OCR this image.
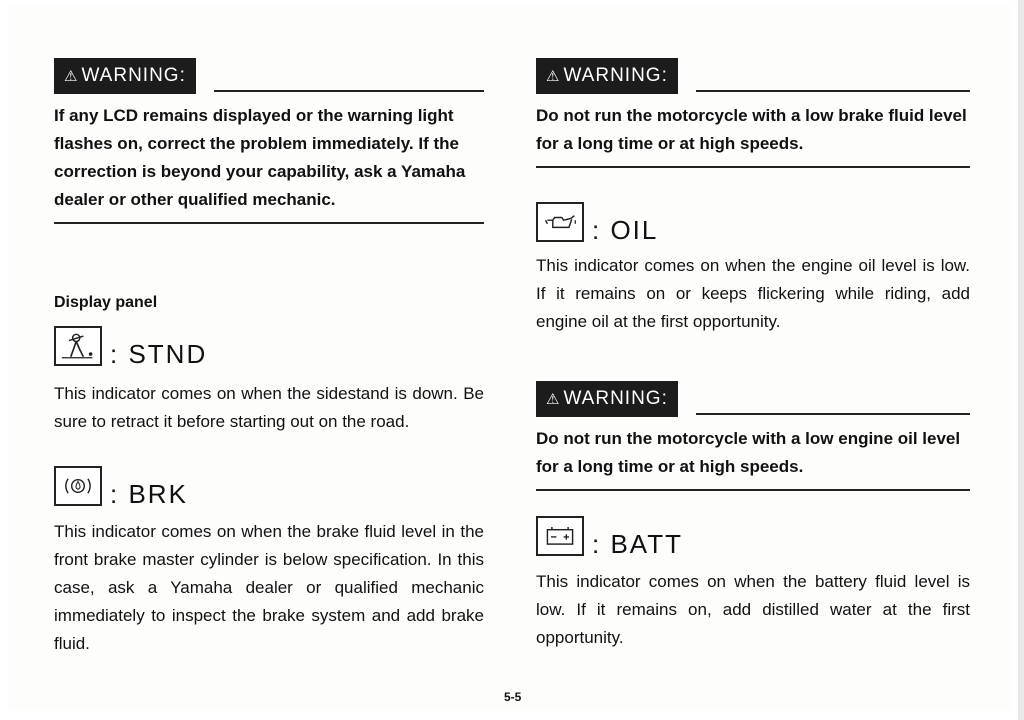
⚠ WARNING:
If any LCD remains displayed or the warning light flashes on, correct the problem immediately. If the correction is beyond your capability, ask a Yamaha dealer or other qualified mechanic.
Display panel
: STND
This indicator comes on when the sidestand is down. Be sure to retract it before starting out on the road.
: BRK
This indicator comes on when the brake fluid level in the front brake master cylinder is below specification. In this case, ask a Yamaha dealer or qualified mechanic immediately to inspect the brake system and add brake fluid.
⚠ WARNING:
Do not run the motorcycle with a low brake fluid level for a long time or at high speeds.
: OIL
This indicator comes on when the engine oil level is low. If it remains on or keeps flickering while riding, add engine oil at the first opportunity.
⚠ WARNING:
Do not run the motorcycle with a low engine oil level for a long time or at high speeds.
: BATT
This indicator comes on when the battery fluid level is low. If it remains on, add distilled water at the first opportunity.
5-5
